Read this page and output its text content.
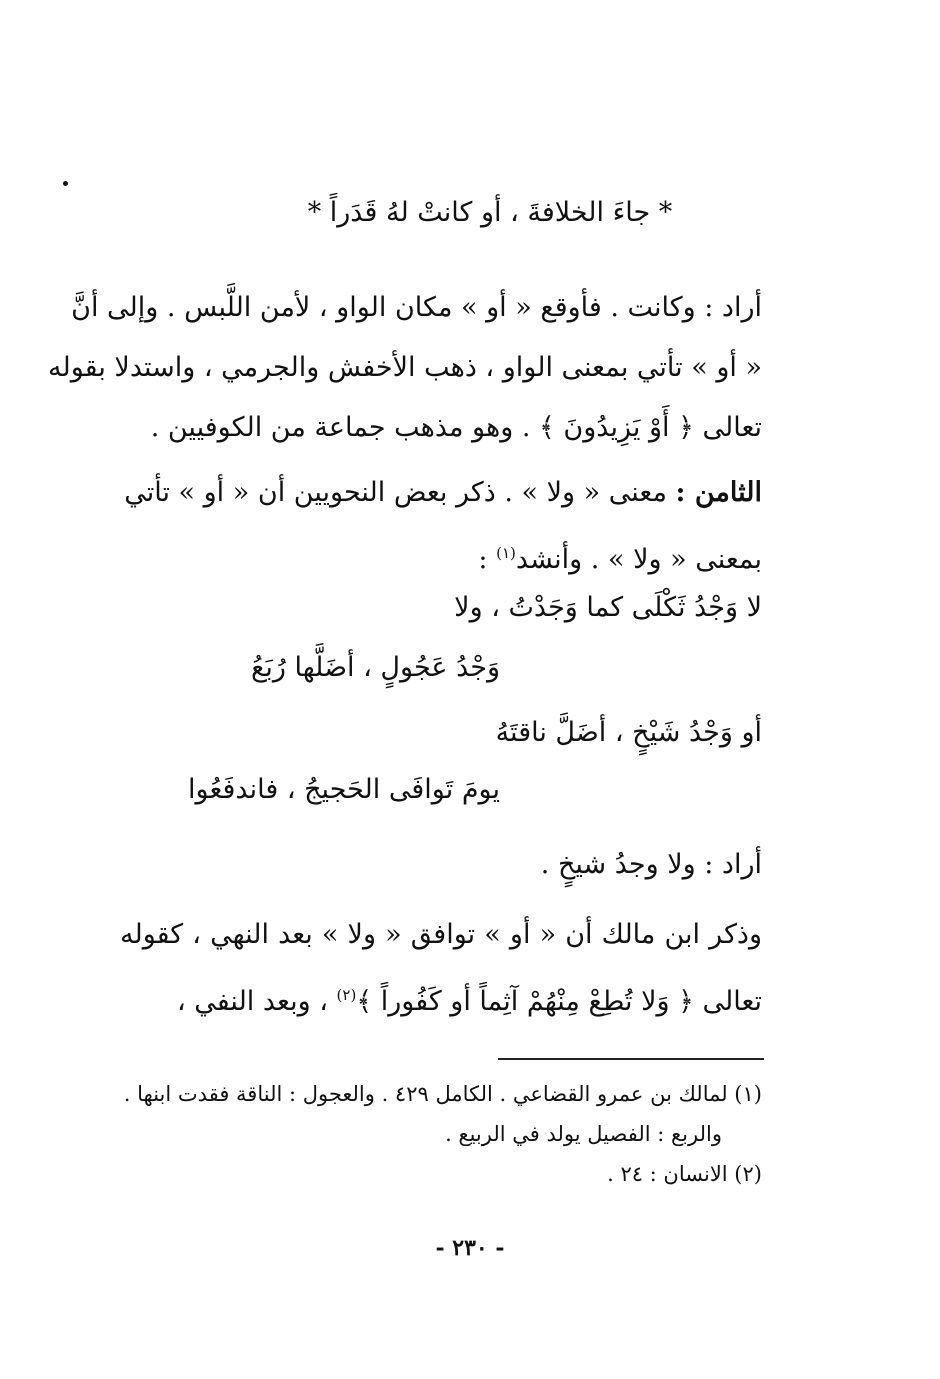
* جاءَ الخلافةَ ، أو كانتْ لهُ قَدَراً *
أراد : وكانت . فأوقع « أو » مكان الواو ، لأمن اللَّبس . وإلى أنَّ
« أو » تأتي بمعنى الواو ، ذهب الأخفش والجرمي ، واستدلا بقوله
تعالى ﴿ أَوْ يَزِيدُونَ ﴾ . وهو مذهب جماعة من الكوفيين .
الثامن : معنى « ولا » . ذكر بعض النحويين أن « أو » تأتي
بمعنى « ولا » . وأنشد$^{(١)}$ :
لا وَجْدُ ثَكْلَى كما وَجَدْتُ ، ولا
وَجْدُ عَجُولٍ ، أضَلَّها رُبَعُ
أو وَجْدُ شَيْخٍ ، أضَلَّ ناقتَهُ
يومَ تَوافَى الحَجيجُ ، فاندفَعُوا
أراد : ولا وجدُ شيخٍ .
وذكر ابن مالك أن « أو » توافق « ولا » بعد النهي ، كقوله
تعالى ﴿ وَلا تُطِعْ مِنْهُمْ آثِماً أو كَفُوراً ﴾$^{(٢)}$ ، وبعد النفي ،
(١) لمالك بن عمرو القضاعي . الكامل ٤٢٩ . والعجول : الناقة فقدت ابنها .
والربع : الفصيل يولد في الربيع .
(٢) الانسان : ٢٤ .
- ٢٣٠ -
